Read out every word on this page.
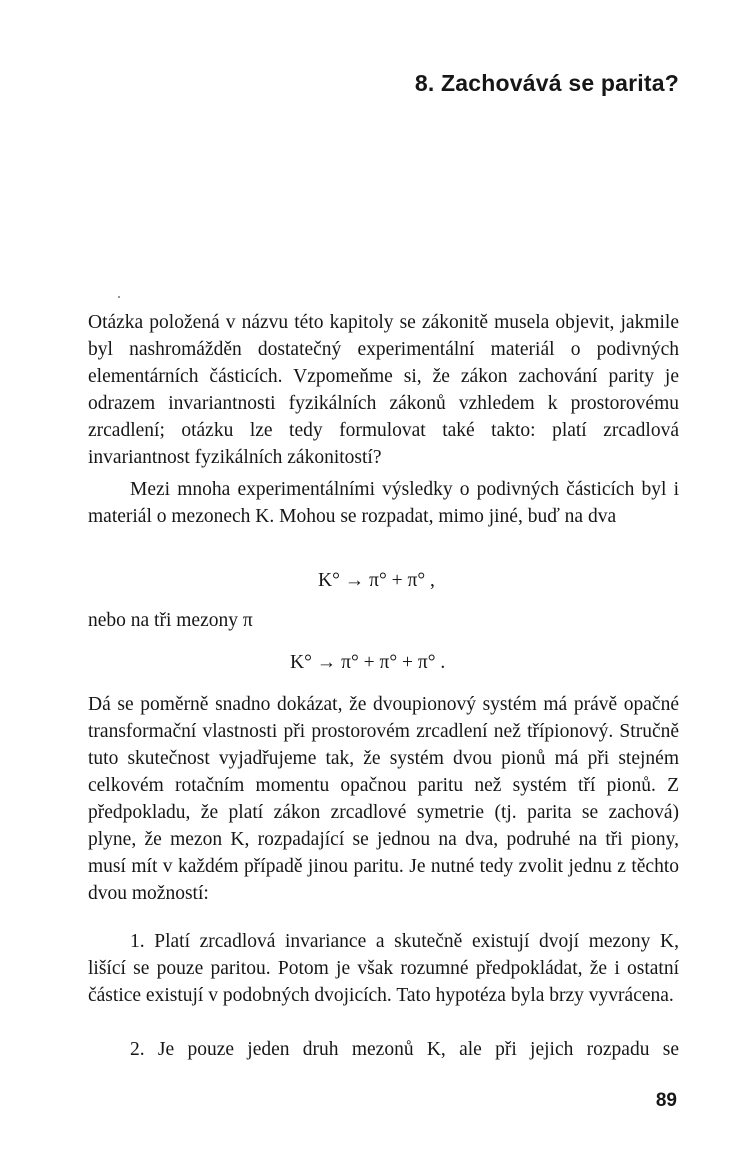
8. Zachovává se parita?

Otázka položená v názvu této kapitoly se zákonitě musela objevit, jakmile byl nashromážděn dostatečný experimentální materiál o podivných elementárních částicích. Vzpomeňme si, že zákon zachování parity je odrazem invariantnosti fyzikálních zákonů vzhledem k prostorovému zrcadlení; otázku lze tedy formulovat také takto: platí zrcadlová invariantnost fyzikálních zákonitostí?

Mezi mnoha experimentálními výsledky o podivných částicích byl i materiál o mezonech K. Mohou se rozpadat, mimo jiné, buď na dva

K° → π° + π° ,

nebo na tři mezony π

K° → π° + π° + π° .

Dá se poměrně snadno dokázat, že dvoupionový systém má právě opačné transformační vlastnosti při prostorovém zrcadlení než třípionový. Stručně tuto skutečnost vyjadřujeme tak, že systém dvou pionů má při stejném celkovém rotačním momentu opačnou paritu než systém tří pionů. Z předpokladu, že platí zákon zrcadlové symetrie (tj. parita se zachová) plyne, že mezon K, rozpadající se jednou na dva, podruhé na tři piony, musí mít v každém případě jinou paritu. Je nutné tedy zvolit jednu z těchto dvou možností:

1. Platí zrcadlová invariance a skutečně existují dvojí mezony K, lišící se pouze paritou. Potom je však rozumné předpokládat, že i ostatní částice existují v podobných dvojicích. Tato hypotéza byla brzy vyvrácena.

2. Je pouze jeden druh mezonů K, ale při jejich rozpadu se

89
